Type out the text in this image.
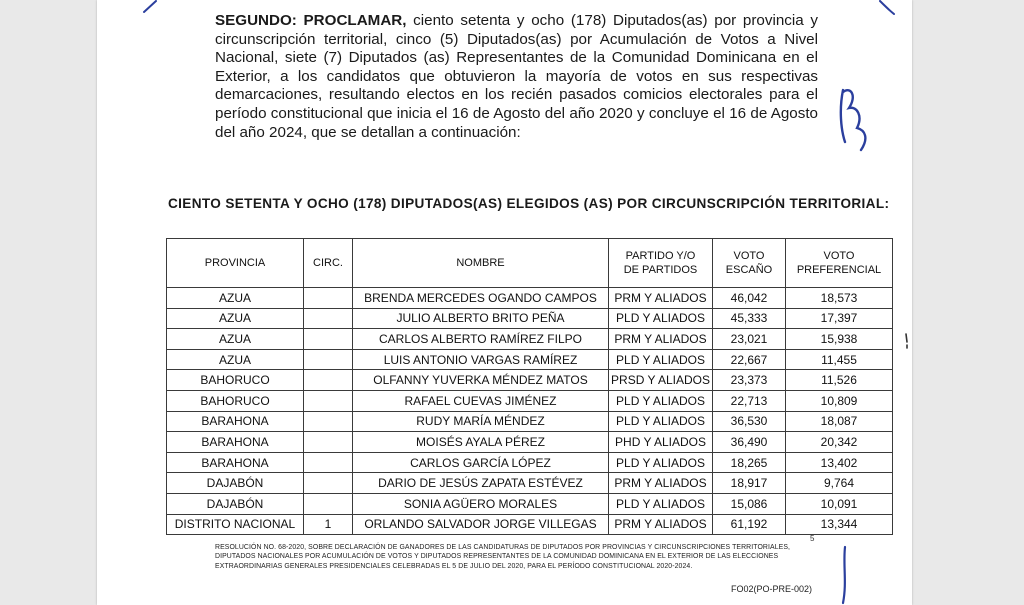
SEGUNDO: PROCLAMAR, ciento setenta y ocho (178) Diputados(as) por provincia y circunscripción territorial, cinco (5) Diputados(as) por Acumulación de Votos a Nivel Nacional, siete (7) Diputados (as) Representantes de la Comunidad Dominicana en el Exterior, a los candidatos que obtuvieron la mayoría de votos en sus respectivas demarcaciones, resultando electos en los recién pasados comicios electorales para el período constitucional que inicia el 16 de Agosto del año 2020 y concluye el 16 de Agosto del año 2024, que se detallan a continuación:

CIENTO SETENTA Y OCHO (178) DIPUTADOS(AS) ELEGIDOS (AS) POR CIRCUNSCRIPCIÓN TERRITORIAL:

PROVINCIA	CIRC.	NOMBRE	PARTIDO Y/O DE PARTIDOS	VOTO ESCAÑO	VOTO PREFERENCIAL
AZUA		BRENDA MERCEDES OGANDO CAMPOS	PRM Y ALIADOS	46,042	18,573
AZUA		JULIO ALBERTO BRITO PEÑA	PLD Y ALIADOS	45,333	17,397
AZUA		CARLOS ALBERTO RAMÍREZ FILPO	PRM Y ALIADOS	23,021	15,938
AZUA		LUIS ANTONIO VARGAS RAMÍREZ	PLD Y ALIADOS	22,667	11,455
BAHORUCO		OLFANNY YUVERKA MÉNDEZ MATOS	PRSD Y ALIADOS	23,373	11,526
BAHORUCO		RAFAEL CUEVAS JIMÉNEZ	PLD Y ALIADOS	22,713	10,809
BARAHONA		RUDY MARÍA MÉNDEZ	PLD Y ALIADOS	36,530	18,087
BARAHONA		MOISÉS AYALA PÉREZ	PHD Y ALIADOS	36,490	20,342
BARAHONA		CARLOS GARCÍA LÓPEZ	PLD Y ALIADOS	18,265	13,402
DAJABÓN		DARIO DE JESÚS ZAPATA ESTÉVEZ	PRM Y ALIADOS	18,917	9,764
DAJABÓN		SONIA AGÜERO MORALES	PLD Y ALIADOS	15,086	10,091
DISTRITO NACIONAL	1	ORLANDO SALVADOR JORGE VILLEGAS	PRM Y ALIADOS	61,192	13,344
5

RESOLUCIÓN NO. 68-2020, SOBRE DECLARACIÓN DE GANADORES DE LAS CANDIDATURAS DE DIPUTADOS POR PROVINCIAS Y CIRCUNSCRIPCIONES TERRITORIALES, DIPUTADOS NACIONALES POR ACUMULACIÓN DE VOTOS Y DIPUTADOS REPRESENTANTES DE LA COMUNIDAD DOMINICANA EN EL EXTERIOR DE LAS ELECCIONES EXTRAORDINARIAS GENERALES PRESIDENCIALES CELEBRADAS EL 5 DE JULIO DEL 2020, PARA EL PERÍODO CONSTITUCIONAL 2020-2024.

FO02(PO-PRE-002)
